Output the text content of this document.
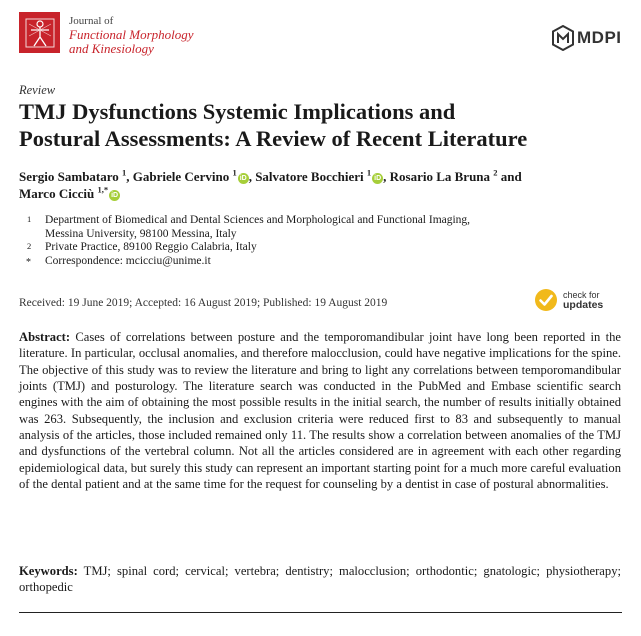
Journal of
Functional Morphology
and Kinesiology
MDPI
Review
TMJ Dysfunctions Systemic Implications and
Postural Assessments: A Review of Recent Literature
Sergio Sambataro $^1$, Gabriele Cervino $^1$iD , Salvatore Bocchieri $^1$iD , Rosario La Bruna $^2$ and
Marco Cicciù $^{1,*}$iD
1 Department of Biomedical and Dental Sciences and Morphological and Functional Imaging,
Messina University, 98100 Messina, Italy
2 Private Practice, 89100 Reggio Calabria, Italy
* Correspondence: mcicciu@unime.it
Received: 19 June 2019; Accepted: 16 August 2019; Published: 19 August 2019
check for
updates

Abstract: Cases of correlations between posture and the temporomandibular joint have long been reported in the literature. In particular, occlusal anomalies, and therefore malocclusion, could have negative implications for the spine. The objective of this study was to review the literature and bring to light any correlations between temporomandibular joints (TMJ) and posturology. The literature search was conducted in the PubMed and Embase scientific search engines with the aim of obtaining the most possible results in the initial search, the number of results initially obtained was 263. Subsequently, the inclusion and exclusion criteria were reduced first to 83 and subsequently to manual analysis of the articles, those included remained only 11. The results show a correlation between anomalies of the TMJ and dysfunctions of the vertebral column. Not all the articles considered are in agreement with each other regarding epidemiological data, but surely this study can represent an important starting point for a much more careful evaluation of the dental patient and at the same time for the request for counseling by a dentist in case of postural abnormalities.

Keywords: TMJ; spinal cord; cervical; vertebra; dentistry; malocclusion; orthodontic; gnatologic; physiotherapy; orthopedic
